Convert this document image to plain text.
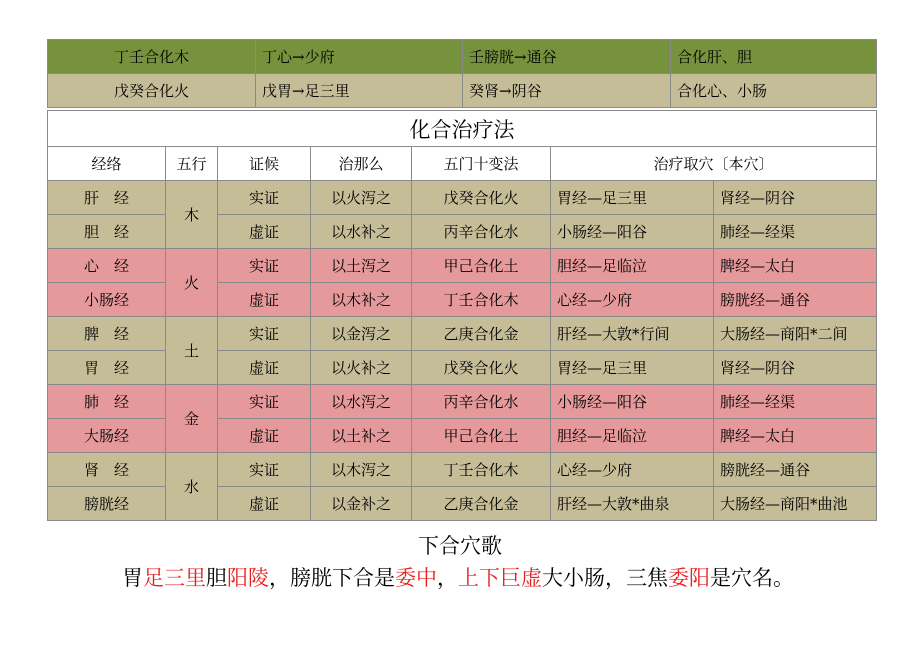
丁壬合化木	丁心→少府	壬膀胱→通谷	合化肝、胆
戊癸合化火	戊胃→足三里	癸肾→阴谷	合化心、小肠
化合治疗法						
经络	五行	证候	治那么	五门十变法	治疗取穴〔本穴〕	
肝　经	木	实证	以火泻之	戊癸合化火	胃经—足三里	肾经—阴谷
胆　经		虚证	以水补之	丙辛合化水	小肠经—阳谷	肺经—经渠
心　经	火	实证	以土泻之	甲己合化土	胆经—足临泣	脾经—太白
小肠经		虚证	以木补之	丁壬合化木	心经—少府	膀胱经—通谷
脾　经	土	实证	以金泻之	乙庚合化金	肝经—大敦*行间	大肠经—商阳*二间
胃　经		虚证	以火补之	戊癸合化火	胃经—足三里	肾经—阴谷
肺　经	金	实证	以水泻之	丙辛合化水	小肠经—阳谷	肺经—经渠
大肠经		虚证	以土补之	甲己合化土	胆经—足临泣	脾经—太白
肾　经	水	实证	以木泻之	丁壬合化木	心经—少府	膀胱经—通谷
膀胱经		虚证	以金补之	乙庚合化金	肝经—大敦*曲泉	大肠经—商阳*曲池
下合穴歌
胃足三里胆阳陵，膀胱下合是委中，上下巨虚大小肠，三焦委阳是穴名。
